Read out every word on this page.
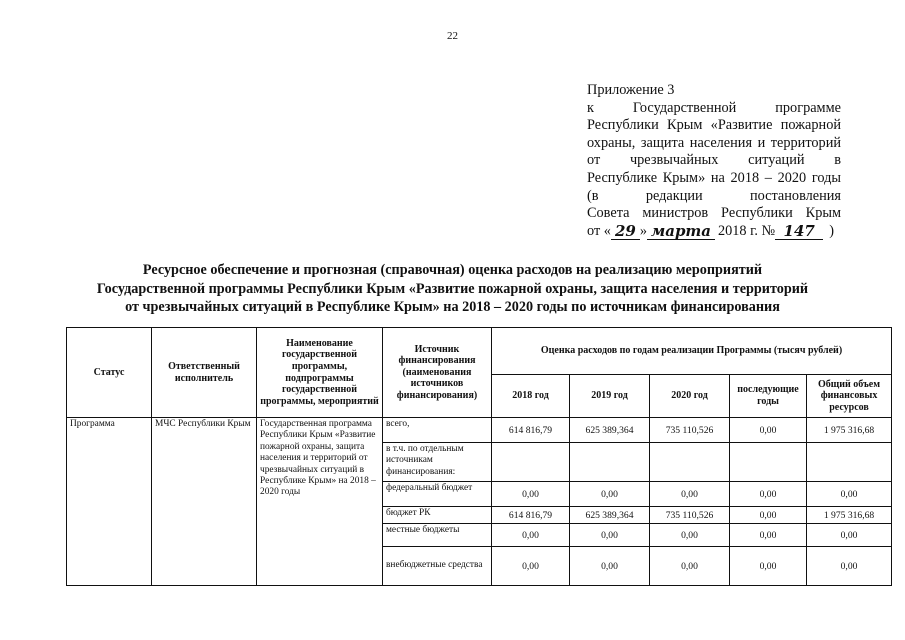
22
Приложение 3
к Государственной программе
Республики Крым «Развитие пожарной
охраны, защита населения и территорий
от чрезвычайных ситуаций в
Республике Крым» на 2018 – 2020 годы
(в редакции постановления
Совета министров Республики Крым
от « 29 » марта 2018 г. № 147	)
Ресурсное обеспечение и прогнозная (справочная) оценка расходов на реализацию мероприятий
Государственной программы Республики Крым «Развитие пожарной охраны, защита населения и территорий
от чрезвычайных ситуаций в Республике Крым» на 2018 – 2020 годы по источникам финансирования
Статус	Ответственный исполнитель	Наименование государственной программы, подпрограммы государственной программы, мероприятий	Источник финансирования (наименования источников финансирования)	Оценка расходов по годам реализации Программы (тысяч рублей)				
				2018 год	2019 год	2020 год	последующие годы	Общий объем финансовых ресурсов
Программа	МЧС Республики Крым	Государственная программа Республики Крым «Развитие пожарной охраны, защита населения и территорий от чрезвычайных ситуаций в Республике Крым» на 2018 – 2020 годы	всего,	614 816,79	625 389,364	735 110,526	0,00	1 975 316,68
			в т.ч. по отдельным источникам финансирования:					
			федеральный бюджет	0,00	0,00	0,00	0,00	0,00
			бюджет РК	614 816,79	625 389,364	735 110,526	0,00	1 975 316,68
			местные бюджеты	0,00	0,00	0,00	0,00	0,00
			внебюджетные средства	0,00	0,00	0,00	0,00	0,00
